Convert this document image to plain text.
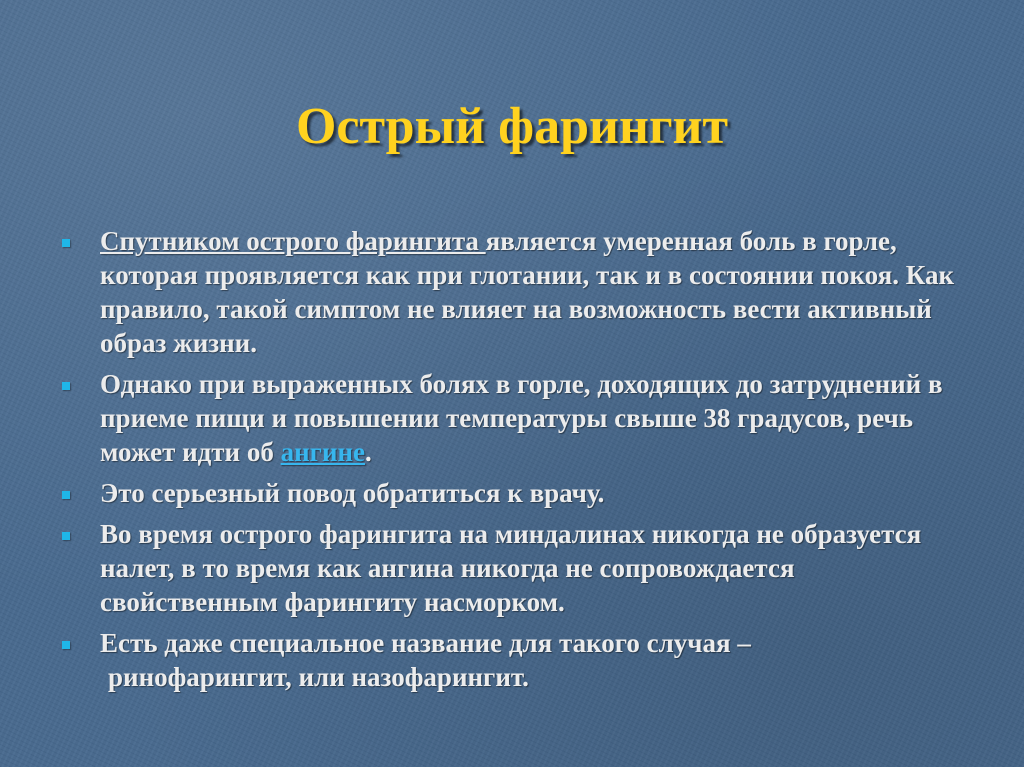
Острый фарингит
Спутником острого фарингита является умеренная боль в горле, которая проявляется как при глотании, так и в состоянии покоя. Как правило, такой симптом не влияет на возможность вести активный образ жизни.
Однако при выраженных болях в горле, доходящих до затруднений в приеме пищи и повышении температуры свыше 38 градусов, речь может идти об ангине.
Это серьезный повод обратиться к врачу.
Во время острого фарингита на миндалинах никогда не образуется налет, в то время как ангина никогда не сопровождается свойственным фарингиту насморком.
Есть даже специальное название для такого случая –
ринофарингит, или назофарингит.
